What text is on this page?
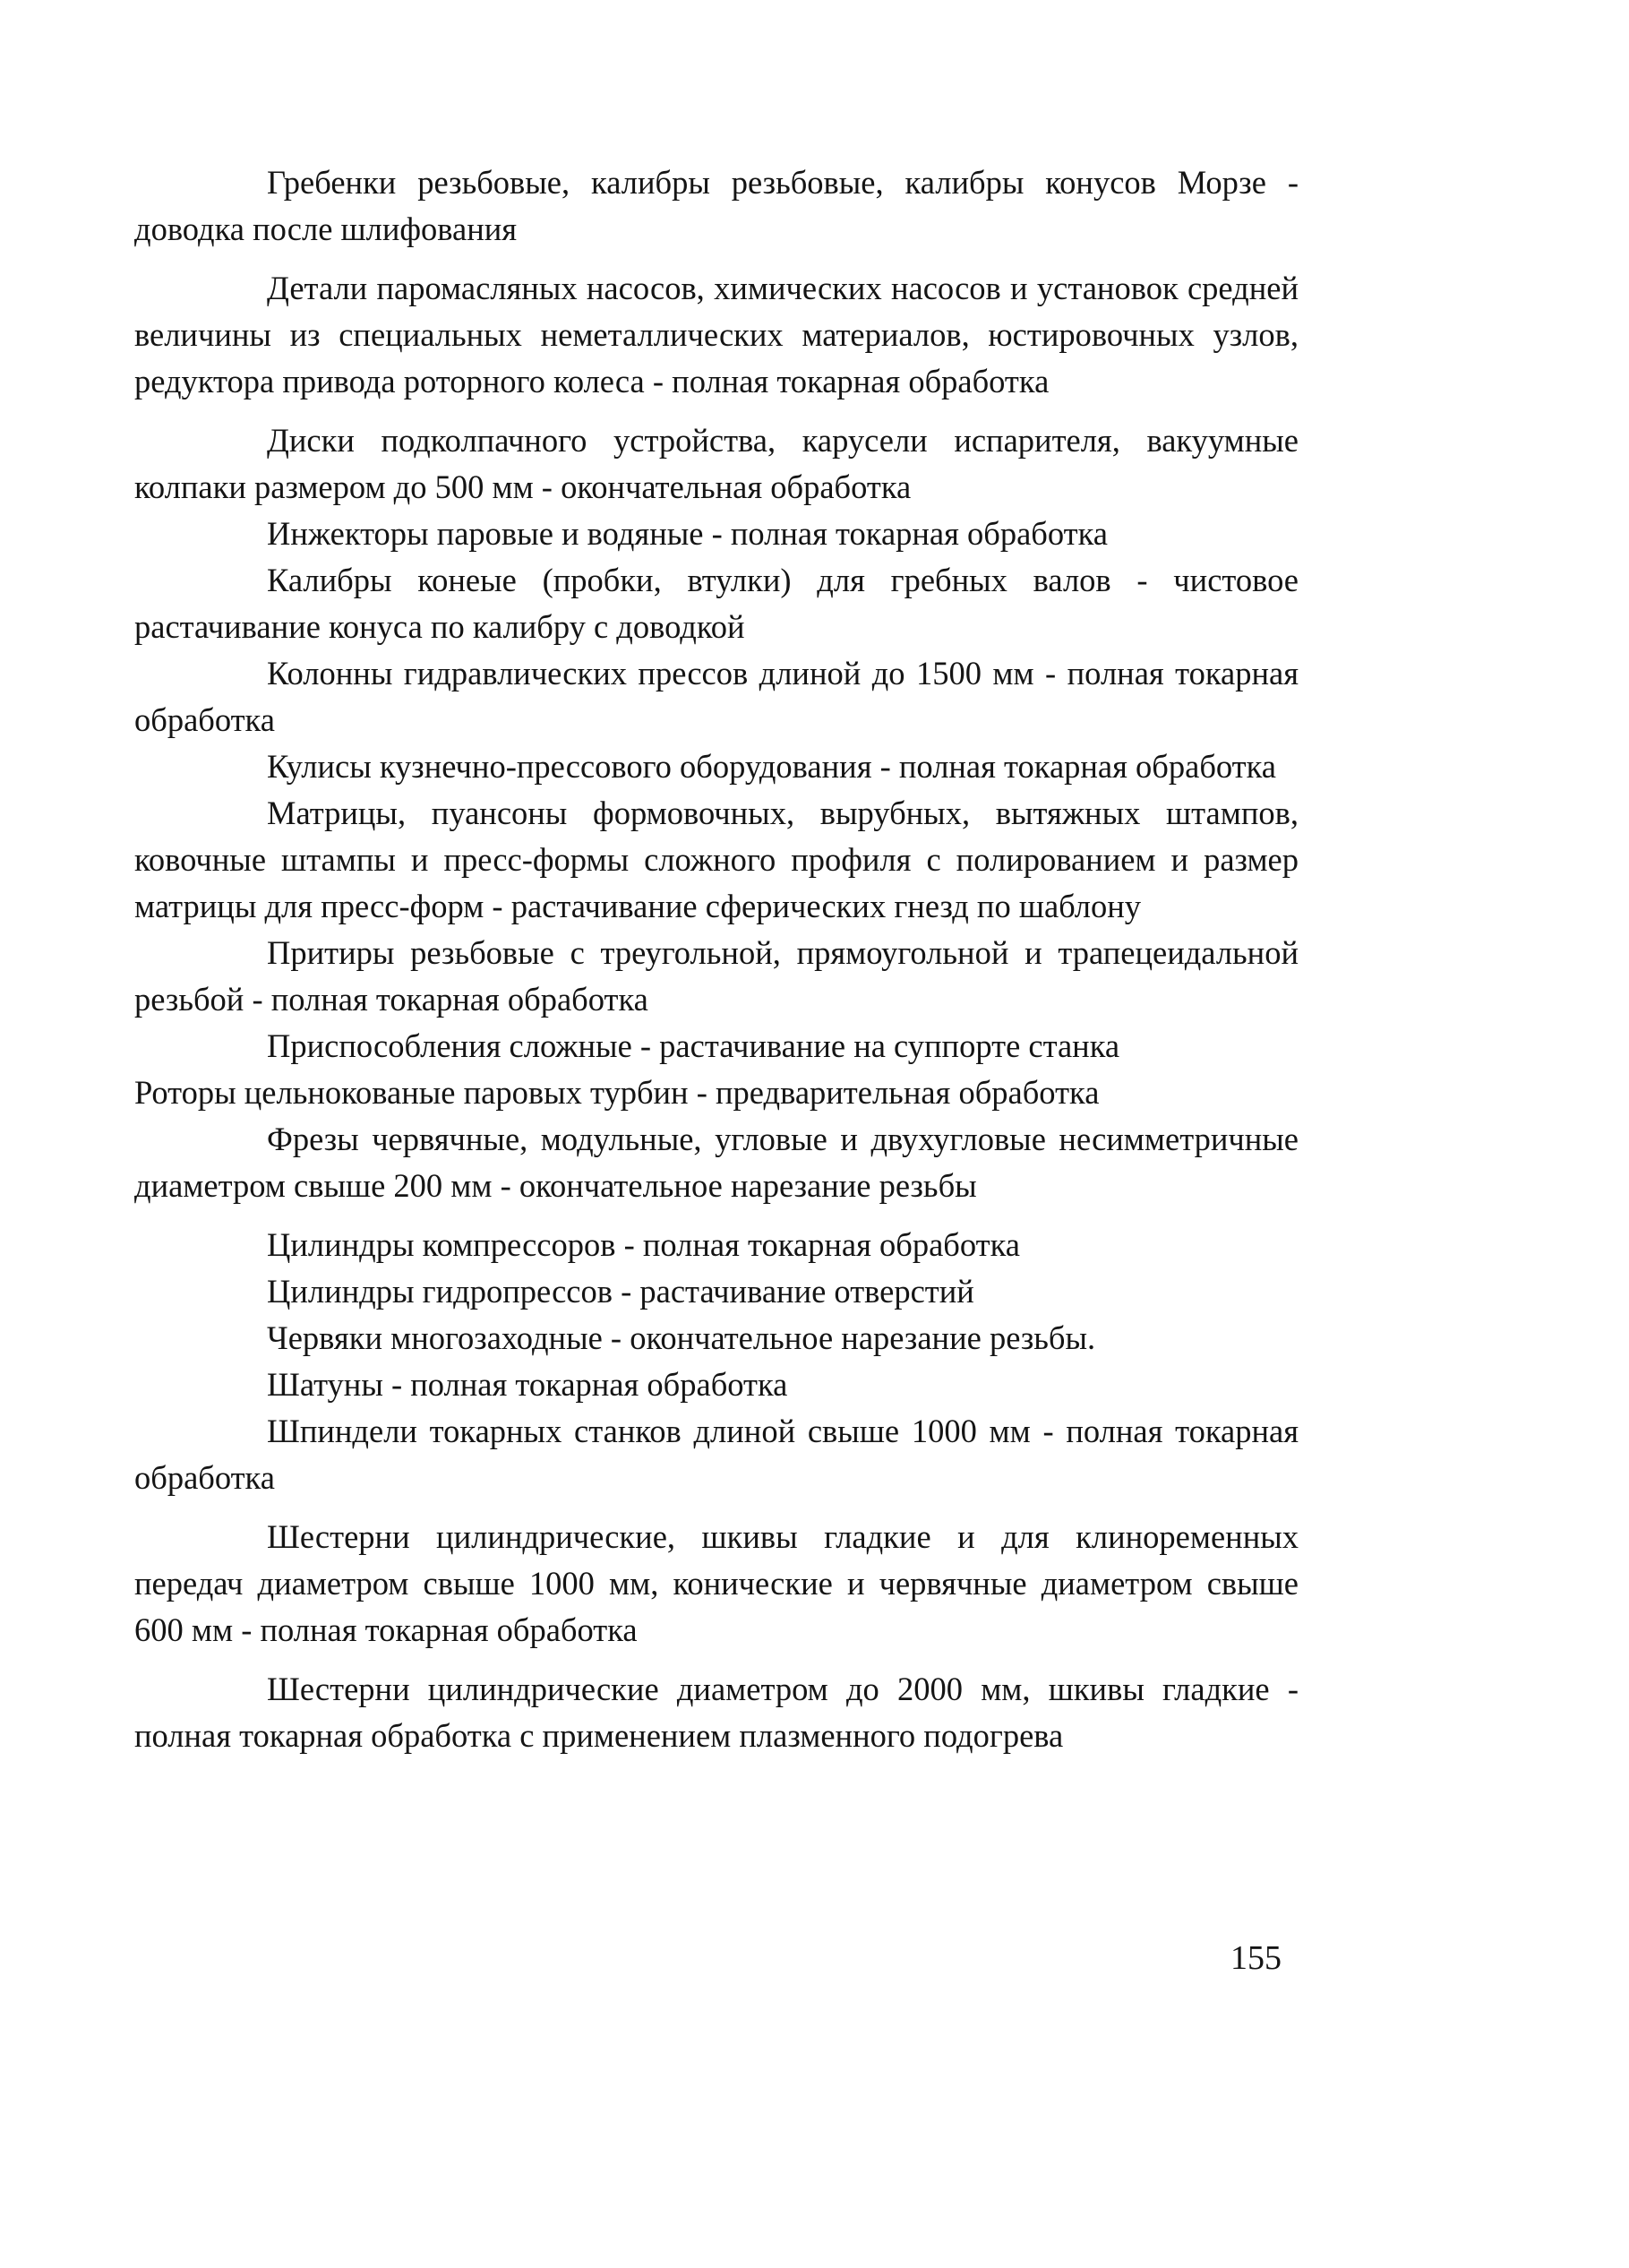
Гребенки резьбовые, калибры резьбовые, калибры конусов Морзе - доводка после шлифования

Детали паромасляных насосов, химических насосов и установок средней величины из специальных неметаллических материалов, юстировочных узлов, редуктора привода роторного колеса - полная токарная обработка

Диски подколпачного устройства, карусели испарителя, вакуумные колпаки размером до 500 мм - окончательная обработка

Инжекторы паровые и водяные - полная токарная обработка

Калибры конеые (пробки, втулки) для гребных валов - чистовое растачивание конуса по калибру с доводкой

Колонны гидравлических прессов длиной до 1500 мм - полная токарная обработка

Кулисы кузнечно-прессового оборудования - полная токарная обработка

Матрицы, пуансоны формовочных, вырубных, вытяжных штампов, ковочные штампы и пресс-формы сложного профиля с полированием и размер матрицы для пресс-форм - растачивание сферических гнезд по шаблону

Притиры резьбовые с треугольной, прямоугольной и трапецеидальной резьбой - полная токарная обработка

Приспособления сложные - растачивание на суппорте станка

Роторы цельнокованые паровых турбин - предварительная обработка

Фрезы червячные, модульные, угловые и двухугловые несимметричные диаметром свыше 200 мм - окончательное нарезание резьбы

Цилиндры компрессоров - полная токарная обработка

Цилиндры гидропрессов - растачивание отверстий

Червяки многозаходные - окончательное нарезание резьбы.

Шатуны - полная токарная обработка

Шпиндели токарных станков длиной свыше 1000 мм - полная токарная обработка

Шестерни цилиндрические, шкивы гладкие и для клиноременных передач диаметром свыше 1000 мм, конические и червячные диаметром свыше 600 мм - полная токарная обработка

Шестерни цилиндрические диаметром до 2000 мм, шкивы гладкие - полная токарная обработка с применением плазменного подогрева

155
